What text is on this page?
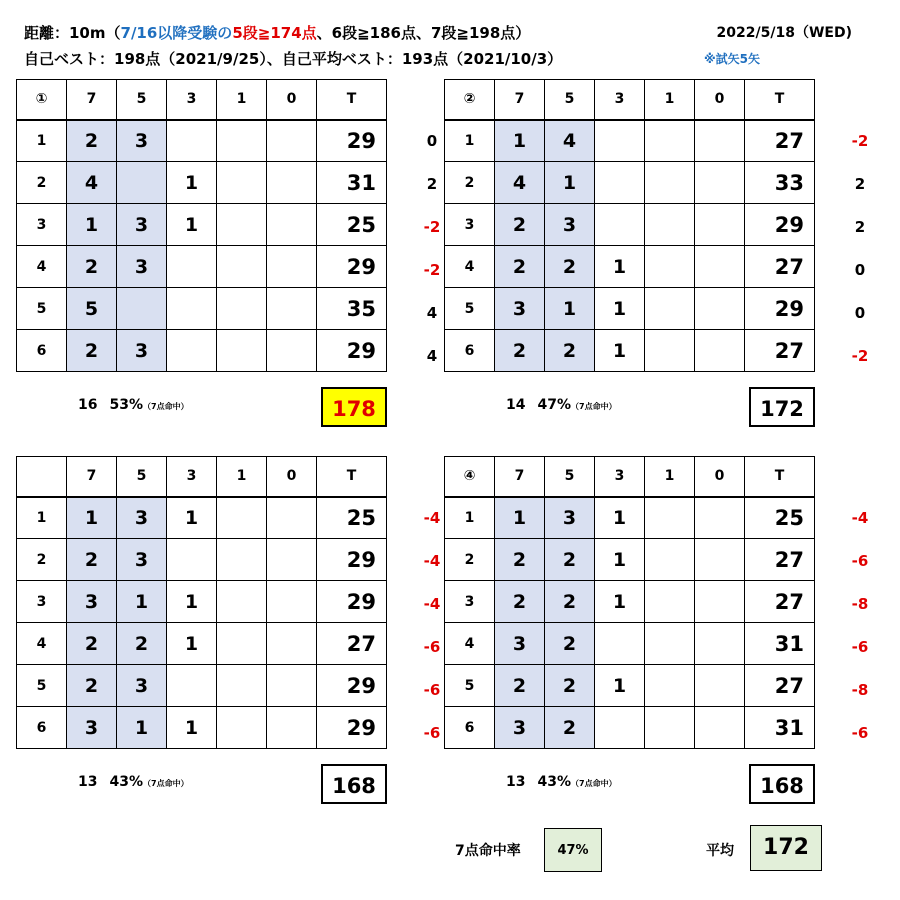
距離：10m（7/16以降受験の5段≧174点、6段≧186点、7段≧198点）
自己ベスト：198点（2021/9/25）、自己平均ベスト：193点（2021/10/3）
2022/5/18（WED)
※試矢5矢
0
2
-2
-2
4
4
①	7	5	3	1	0	T
1	2	3				29
2	4		1			31
3	1	3	1			25
4	2	3				29
5	5					35
6	2	3				29
16 53%（7点命中）	178
-2
2
2
0
0
-2
②	7	5	3	1	0	T
1	1	4				27
2	4	1				33
3	2	3				29
4	2	2	1			27
5	3	1	1			29
6	2	2	1			27
14 47%（7点命中）	172
-4
-4
-4
-6
-6
-6
	7	5	3	1	0	T
1	1	3	1			25
2	2	3				29
3	3	1	1			29
4	2	2	1			27
5	2	3				29
6	3	1	1			29
13 43%（7点命中）	168
-4
-6
-8
-6
-8
-6
④	7	5	3	1	0	T
1	1	3	1			25
2	2	2	1			27
3	2	2	1			27
4	3	2				31
5	2	2	1			27
6	3	2				31
13 43%（7点命中）	168
7点命中率	47%	平均	172
